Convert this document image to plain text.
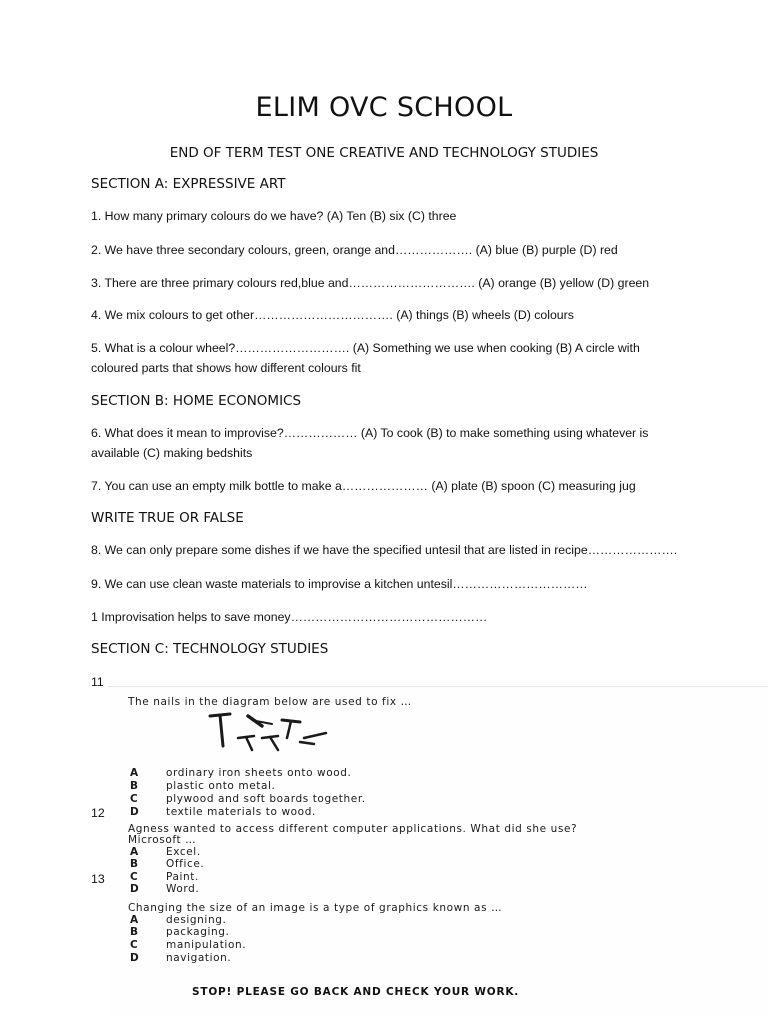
ELIM OVC SCHOOL
END OF TERM TEST ONE CREATIVE AND TECHNOLOGY STUDIES
SECTION A: EXPRESSIVE ART
1. How many primary colours do we have? (A) Ten (B) six (C) three
2. We have three secondary colours, green, orange and………………. (A) blue (B) purple (D) red
3. There are three primary colours red,blue and…………………………. (A) orange (B) yellow (D) green
4. We mix colours to get other……………………………. (A) things (B) wheels (D) colours
5. What is a colour wheel?………………………. (A) Something we use when cooking (B) A circle with coloured parts that shows how different colours fit
SECTION B: HOME ECONOMICS
6. What does it mean to improvise?……………… (A) To cook (B) to make something using whatever is available (C) making bedshits
7. You can use an empty milk bottle to make a………………… (A) plate (B) spoon (C) measuring jug
WRITE TRUE OR FALSE
8. We can only prepare some dishes if we have the specified untesil that are listed in recipe………………….
9. We can use clean waste materials to improvise a kitchen untesil……………………………
1 Improvisation helps to save money…………………………………………
SECTION C: TECHNOLOGY STUDIES
11
12
13
The nails in the diagram below are used to fix …
A	ordinary iron sheets onto wood.
B	plastic onto metal.
C	plywood and soft boards together.
D	textile materials to wood.
Agness wanted to access different computer applications. What did she use?
Microsoft …
A	Excel.
B	Office.
C	Paint.
D	Word.
Changing the size of an image is a type of graphics known as …
A	designing.
B	packaging.
C	manipulation.
D	navigation.
STOP! PLEASE GO BACK AND CHECK YOUR WORK.
